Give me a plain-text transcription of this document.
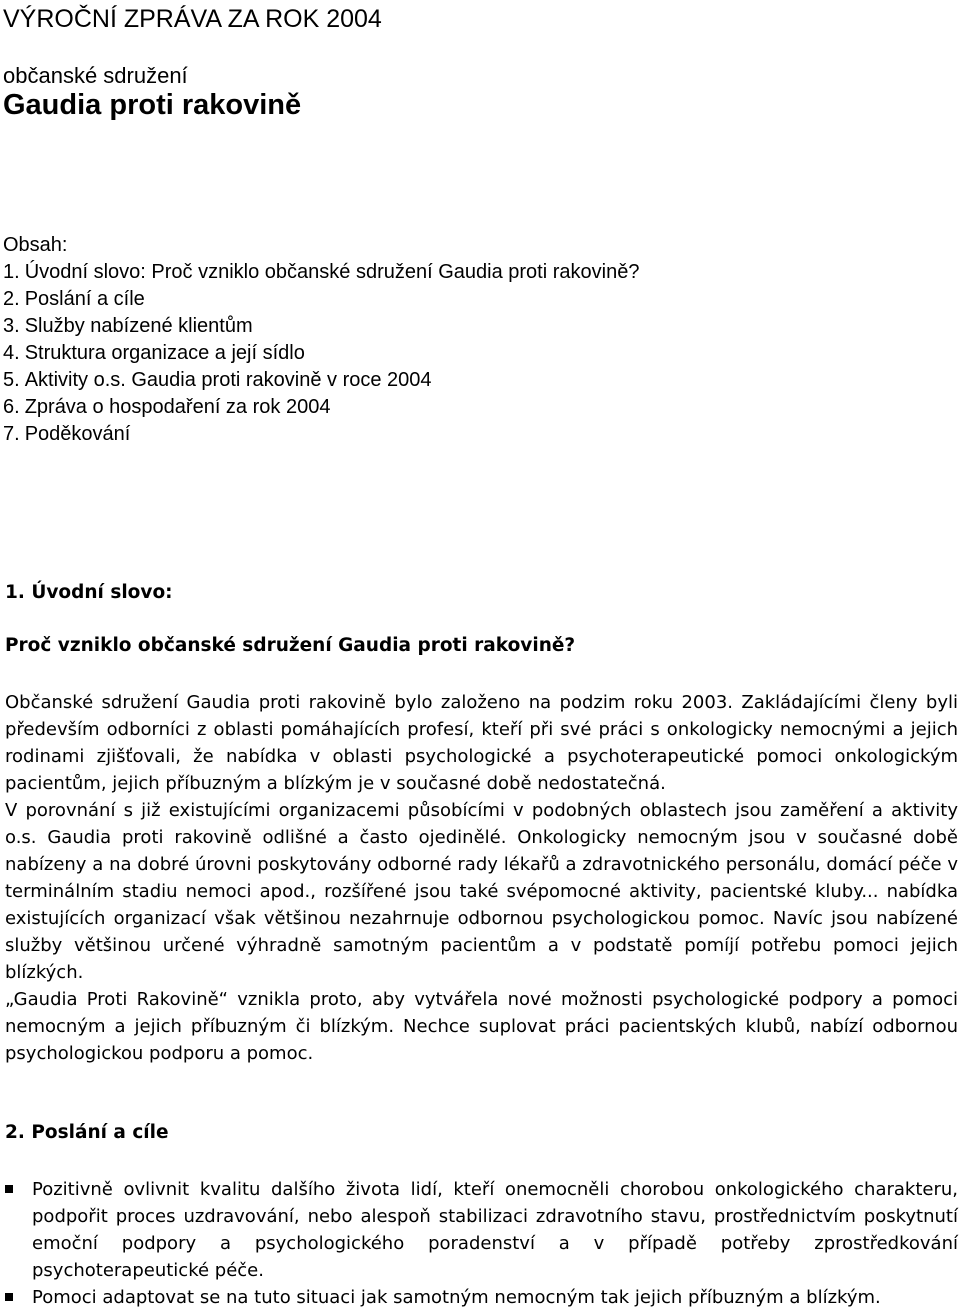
VÝROČNÍ ZPRÁVA ZA ROK 2004
občanské sdružení
Gaudia proti rakovině
Obsah:
1. Úvodní slovo: Proč vzniklo občanské sdružení Gaudia proti rakovině?
2. Poslání a cíle
3. Služby nabízené klientům
4. Struktura organizace a její sídlo
5. Aktivity o.s. Gaudia proti rakovině v roce 2004
6. Zpráva o hospodaření za rok 2004
7. Poděkování
1. Úvodní slovo:
Proč vzniklo občanské sdružení Gaudia proti rakovině?

Občanské sdružení Gaudia proti rakovině bylo založeno na podzim roku 2003. Zakládajícími členy byli především odborníci z oblasti pomáhajících profesí, kteří při své práci s onkologicky nemocnými a jejich rodinami zjišťovali, že nabídka v oblasti psychologické a psychoterapeutické pomoci onkologickým pacientům, jejich příbuzným a blízkým je v současné době nedostatečná.

V porovnání s již existujícími organizacemi působícími v podobných oblastech jsou zaměření a aktivity o.s. Gaudia proti rakovině odlišné a často ojedinělé. Onkologicky nemocným jsou v současné době nabízeny a na dobré úrovni poskytovány odborné rady lékařů a zdravotnického personálu, domácí péče v terminálním stadiu nemoci apod., rozšířené jsou také svépomocné aktivity, pacientské kluby... nabídka existujících organizací však většinou nezahrnuje odbornou psychologickou pomoc. Navíc jsou nabízené služby většinou určené výhradně samotným pacientům a v podstatě pomíjí potřebu pomoci jejich blízkých.

„Gaudia Proti Rakovině“ vznikla proto, aby vytvářela nové možnosti psychologické podpory a pomoci nemocným a jejich příbuzným či blízkým. Nechce suplovat práci pacientských klubů, nabízí odbornou psychologickou podporu a pomoc.

2. Poslání a cíle
Pozitivně ovlivnit kvalitu dalšího života lidí, kteří onemocněli chorobou onkologického charakteru, podpořit proces uzdravování, nebo alespoň stabilizaci zdravotního stavu, prostřednictvím poskytnutí emoční podpory a psychologického poradenství a v případě potřeby zprostředkování psychoterapeutické péče.
Pomoci adaptovat se na tuto situaci jak samotným nemocným tak jejich příbuzným a blízkým.
